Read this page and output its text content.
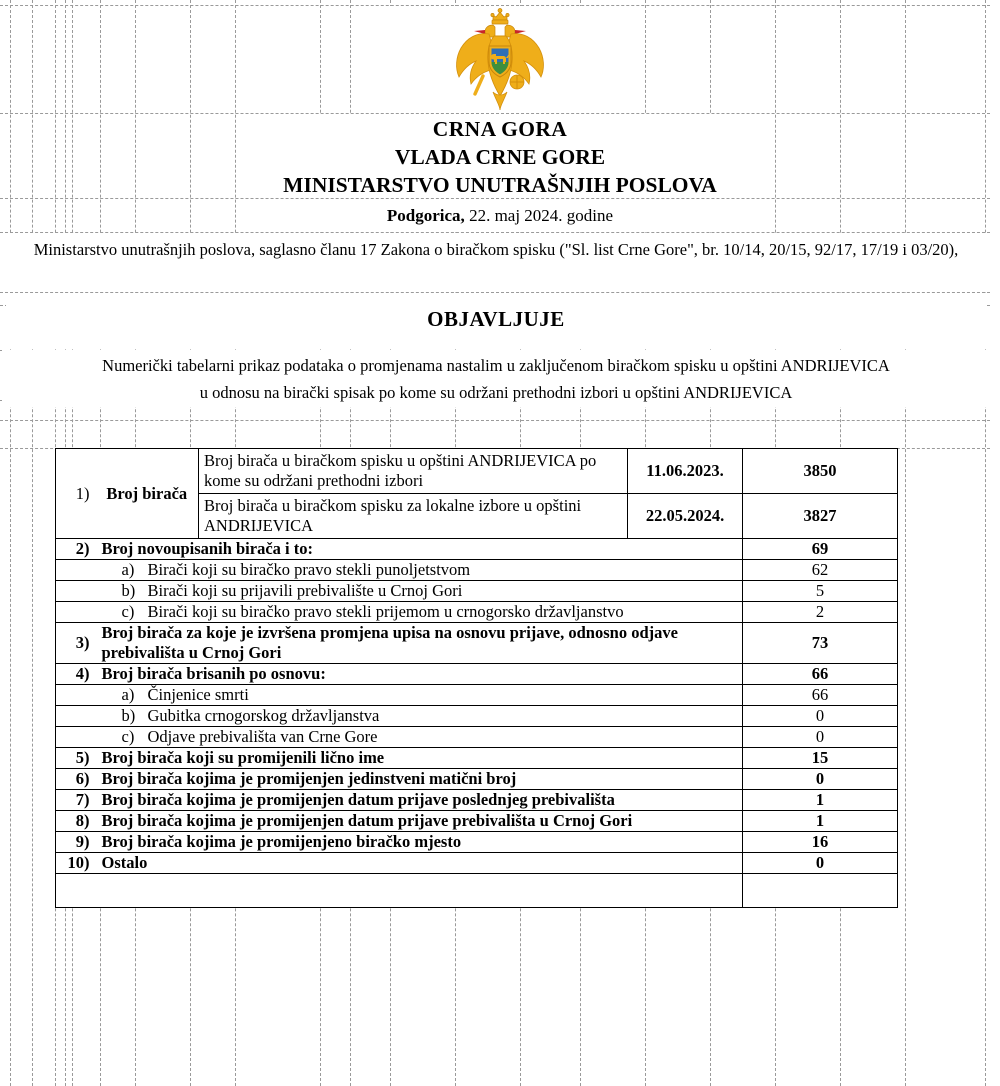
CRNA GORA
VLADA CRNE GORE
MINISTARSTVO UNUTRAŠNJIH POSLOVA
Podgorica, 22. maj 2024. godine
Ministarstvo unutrašnjih poslova, saglasno članu 17 Zakona o biračkom spisku ("Sl. list Crne Gore", br. 10/14, 20/15, 92/17, 17/19 i 03/20),
OBJAVLJUJE
Numerički tabelarni prikaz podataka o promjenama nastalim u zaključenom biračkom spisku u opštini ANDRIJEVICA
u odnosu na birački spisak po kome su održani prethodni izbori u opštini ANDRIJEVICA
1)	Broj birača	Broj birača u biračkom spisku u opštini ANDRIJEVICA po kome su održani prethodni izbori	11.06.2023.	3850
		Broj birača u biračkom spisku za lokalne izbore u opštini ANDRIJEVICA	22.05.2024.	3827
2)	Broj novoupisanih birača i to:			69
	a) Birači koji su biračko pravo stekli punoljetstvom			62
	b) Birači koji su prijavili prebivalište u Crnoj Gori			5
	c) Birači koji su biračko pravo stekli prijemom u crnogorsko državljanstvo			2
3)	Broj birača za koje je izvršena promjena upisa na osnovu prijave, odnosno odjave prebivališta u Crnoj Gori			73
4)	Broj birača brisanih po osnovu:			66
	a) Činjenice smrti			66
	b) Gubitka crnogorskog državljanstva			0
	c) Odjave prebivališta van Crne Gore			0
5)	Broj birača koji su promijenili lično ime			15
6)	Broj birača kojima je promijenjen jedinstveni matični broj			0
7)	Broj birača kojima je promijenjen datum prijave poslednjeg prebivališta			1
8)	Broj birača kojima je promijenjen datum prijave prebivališta u Crnoj Gori			1
9)	Broj birača kojima je promijenjeno biračko mjesto			16
10)	Ostalo			0
